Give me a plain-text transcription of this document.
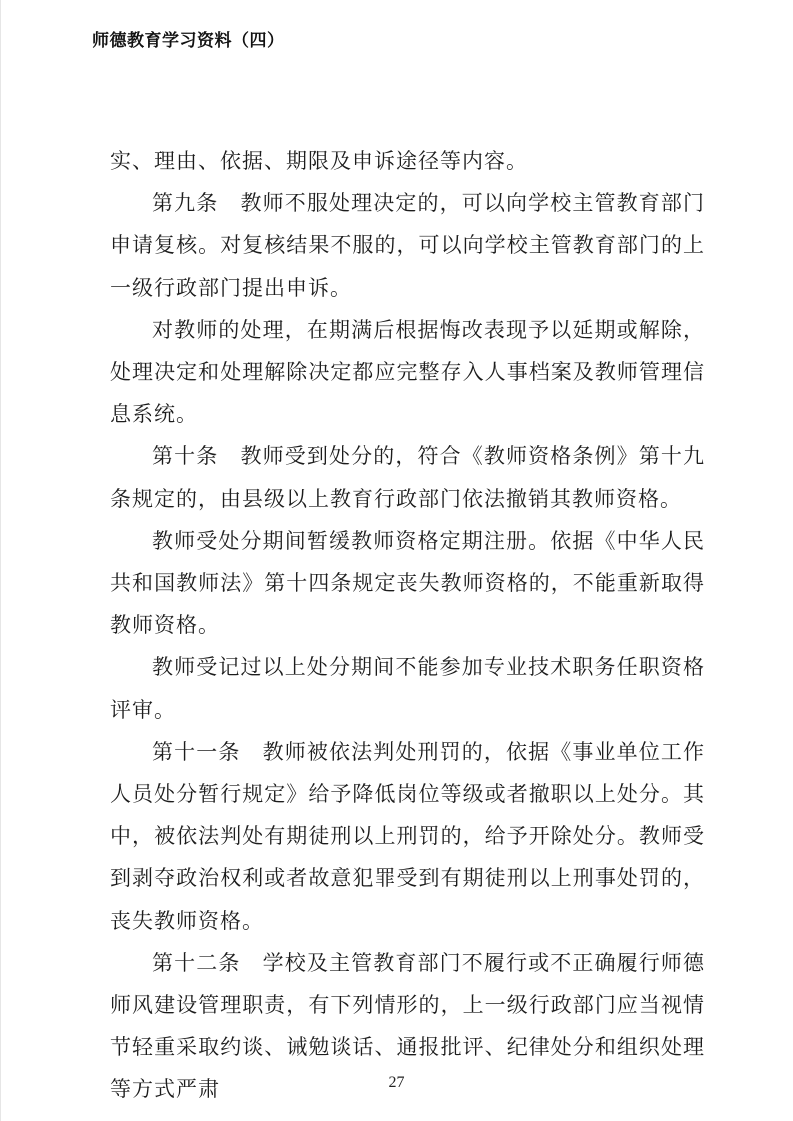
师德教育学习资料（四）

实、理由、依据、期限及申诉途径等内容。

第九条　教师不服处理决定的，可以向学校主管教育部门申请复核。对复核结果不服的，可以向学校主管教育部门的上一级行政部门提出申诉。

对教师的处理，在期满后根据悔改表现予以延期或解除，处理决定和处理解除决定都应完整存入人事档案及教师管理信息系统。

第十条　教师受到处分的，符合《教师资格条例》第十九条规定的，由县级以上教育行政部门依法撤销其教师资格。

教师受处分期间暂缓教师资格定期注册。依据《中华人民共和国教师法》第十四条规定丧失教师资格的，不能重新取得教师资格。

教师受记过以上处分期间不能参加专业技术职务任职资格评审。

第十一条　教师被依法判处刑罚的，依据《事业单位工作人员处分暂行规定》给予降低岗位等级或者撤职以上处分。其中，被依法判处有期徒刑以上刑罚的，给予开除处分。教师受到剥夺政治权利或者故意犯罪受到有期徒刑以上刑事处罚的，丧失教师资格。

第十二条　学校及主管教育部门不履行或不正确履行师德师风建设管理职责，有下列情形的，上一级行政部门应当视情节轻重采取约谈、诫勉谈话、通报批评、纪律处分和组织处理等方式严肃	27
